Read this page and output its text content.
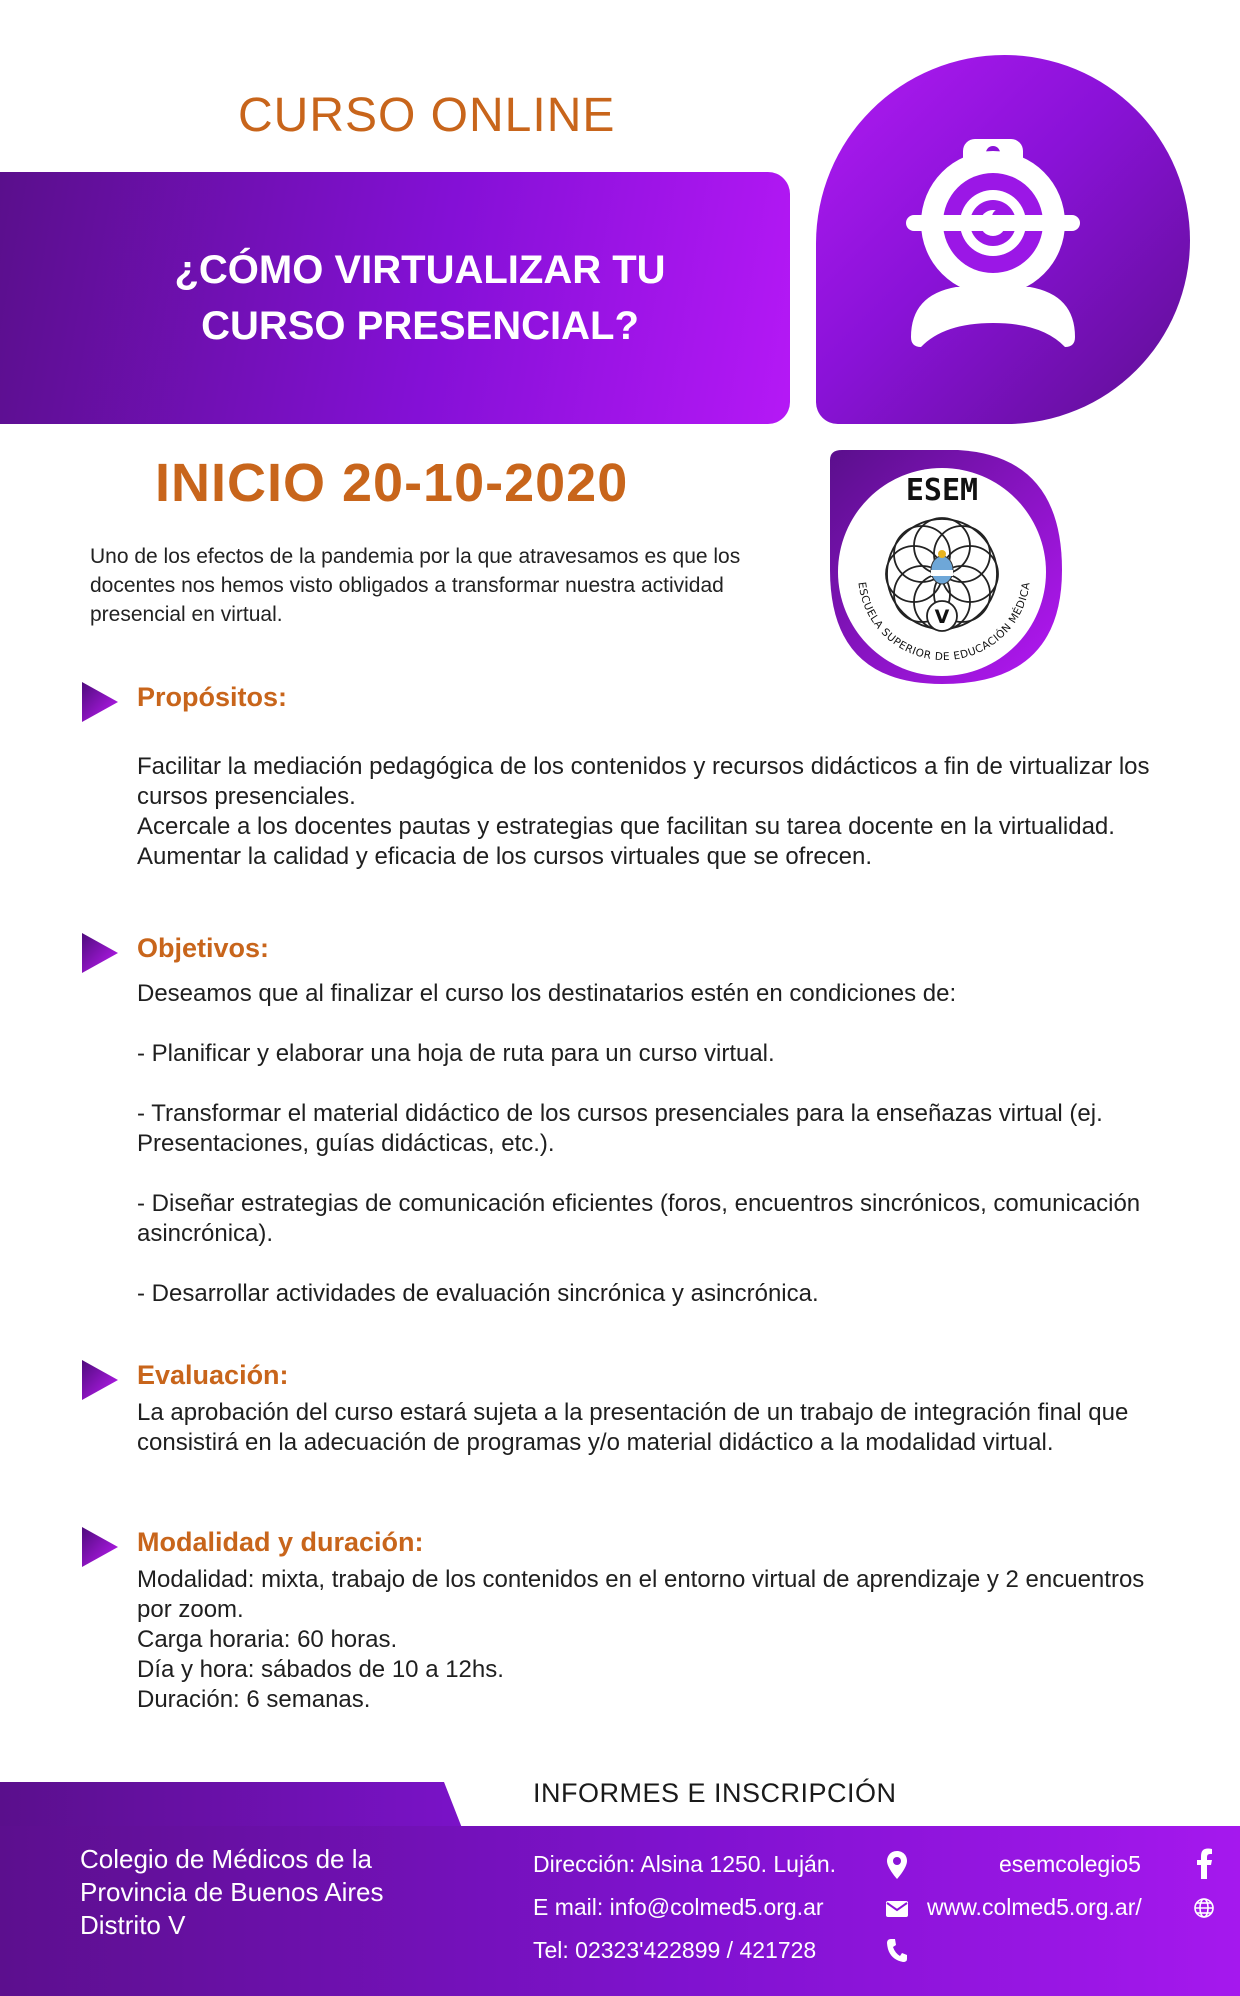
CURSO ONLINE
¿CÓMO VIRTUALIZAR TU
CURSO PRESENCIAL?
INICIO 20-10-2020
Uno de los efectos de la pandemia por la que atravesamos es que los docentes nos hemos visto obligados a transformar nuestra actividad presencial en virtual.
ESEM
V
ESCUELA SUPERIOR DE EDUCACIÓN MÉDICA
Propósitos:

Facilitar la mediación pedagógica de los contenidos y recursos didácticos a fin de virtualizar los cursos presenciales.

Acercale a los docentes pautas y estrategias que facilitan su tarea docente en la virtualidad.

Aumentar la calidad y eficacia de los cursos virtuales que se ofrecen.

Objetivos:

Deseamos que al finalizar el curso los destinatarios estén en condiciones de:

- Planificar y elaborar una hoja de ruta para un curso virtual.

- Transformar el material didáctico de los cursos presenciales para la enseñazas virtual (ej. Presentaciones, guías didácticas, etc.).

- Diseñar estrategias de comunicación eficientes (foros, encuentros sincrónicos, comunicación asincrónica).

- Desarrollar actividades de evaluación sincrónica y asincrónica.

Evaluación:

La aprobación del curso estará sujeta a la presentación de un trabajo de integración final que consistirá en la adecuación de programas y/o material didáctico a la modalidad virtual.

Modalidad y duración:

Modalidad: mixta, trabajo de los contenidos en el entorno virtual de aprendizaje y 2 encuentros por zoom.

Carga horaria: 60 horas.

Día y hora: sábados de 10 a 12hs.

Duración: 6 semanas.

INFORMES E INSCRIPCIÓN
Colegio de Médicos de la
Provincia de Buenos Aires
Distrito V
Dirección: Alsina 1250. Luján.
E mail: info@colmed5.org.ar
Tel: 02323'422899 / 421728
esemcolegio5
www.colmed5.org.ar/
